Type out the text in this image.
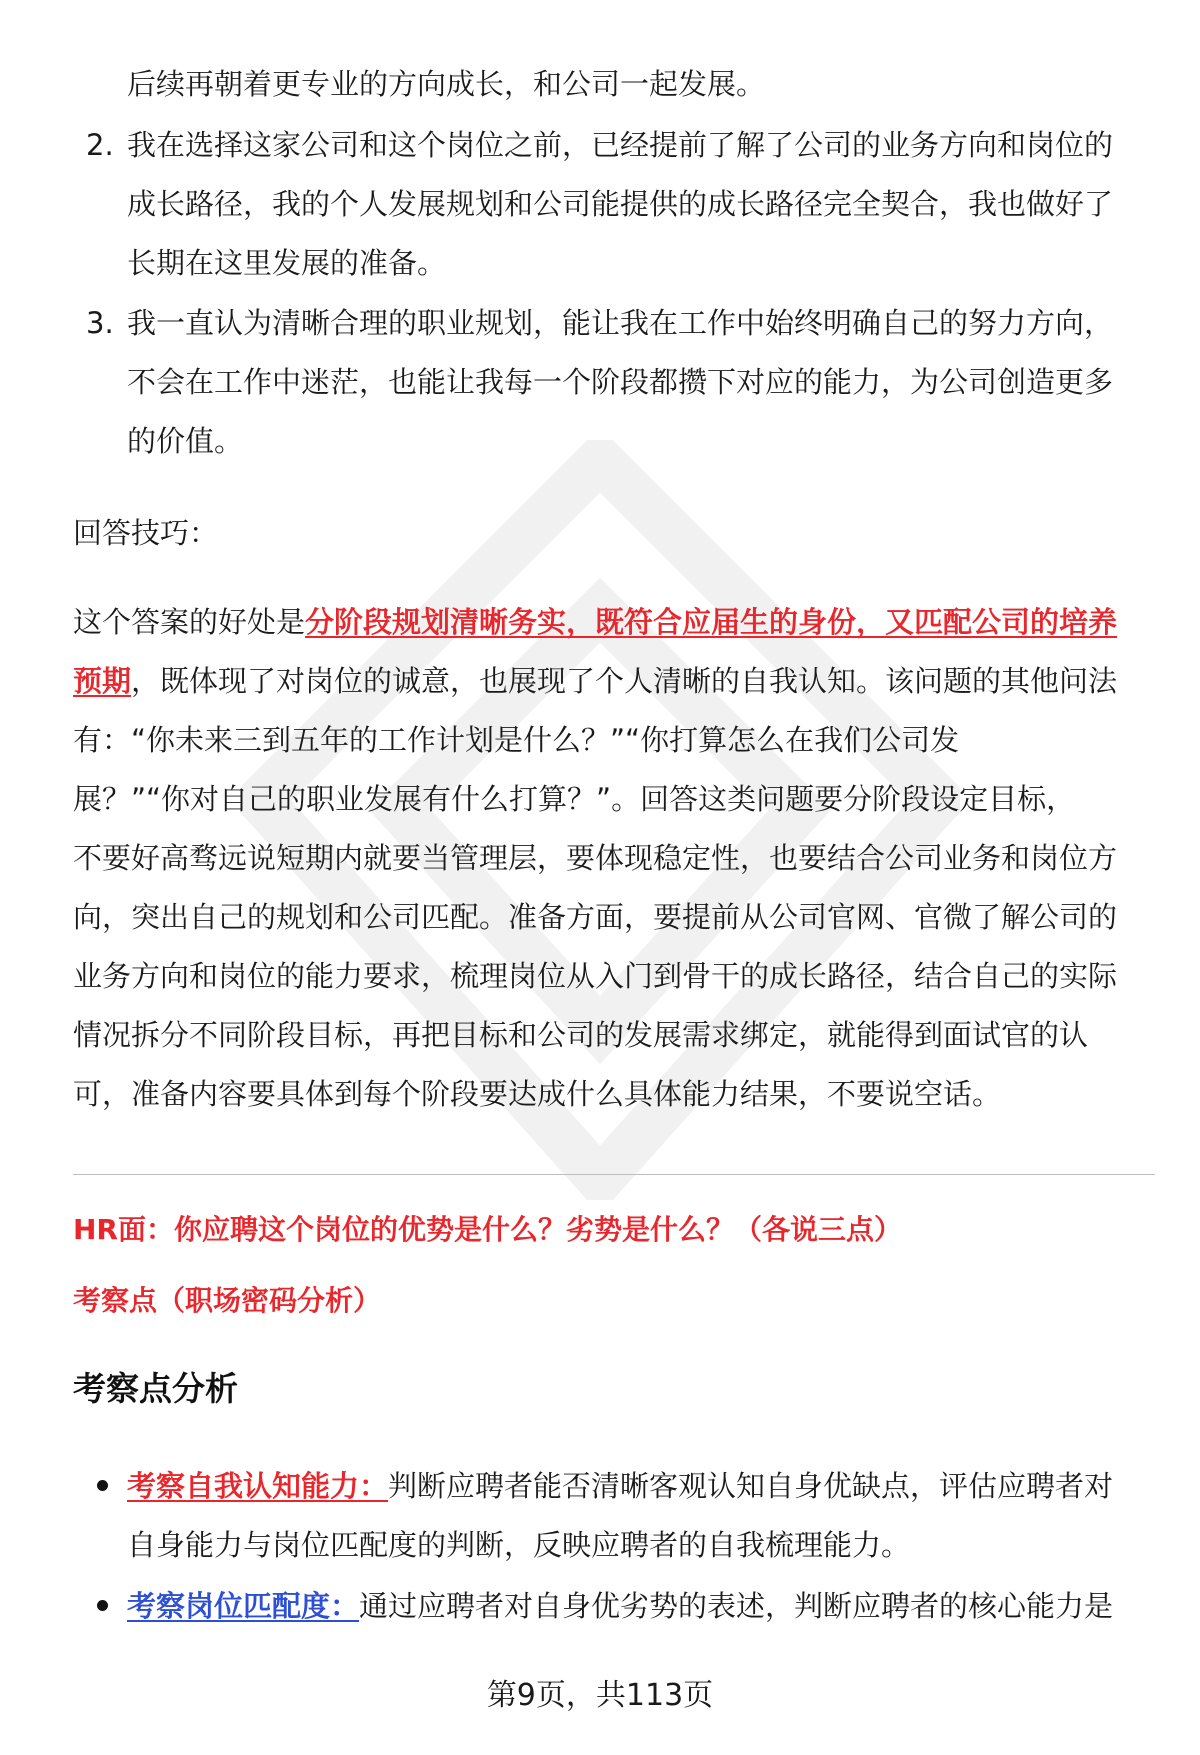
后续再朝着更专业的方向成长，和公司一起发展。
2. 我在选择这家公司和这个岗位之前，已经提前了解了公司的业务方向和岗位的
成长路径，我的个人发展规划和公司能提供的成长路径完全契合，我也做好了
长期在这里发展的准备。
3. 我一直认为清晰合理的职业规划，能让我在工作中始终明确自己的努力方向，
不会在工作中迷茫，也能让我每一个阶段都攒下对应的能力，为公司创造更多
的价值。
回答技巧：
这个答案的好处是分阶段规划清晰务实，既符合应届生的身份，又匹配公司的培养
预期，既体现了对岗位的诚意，也展现了个人清晰的自我认知。该问题的其他问法
有：“你未来三到五年的工作计划是什么？”“你打算怎么在我们公司发
展？”“你对自己的职业发展有什么打算？”。回答这类问题要分阶段设定目标，
不要好高骛远说短期内就要当管理层，要体现稳定性，也要结合公司业务和岗位方
向，突出自己的规划和公司匹配。准备方面，要提前从公司官网、官微了解公司的
业务方向和岗位的能力要求，梳理岗位从入门到骨干的成长路径，结合自己的实际
情况拆分不同阶段目标，再把目标和公司的发展需求绑定，就能得到面试官的认
可，准备内容要具体到每个阶段要达成什么具体能力结果，不要说空话。
HR面：你应聘这个岗位的优势是什么？劣势是什么？（各说三点）
考察点（职场密码分析）
考察点分析
考察自我认知能力：判断应聘者能否清晰客观认知自身优缺点，评估应聘者对
自身能力与岗位匹配度的判断，反映应聘者的自我梳理能力。
考察岗位匹配度：通过应聘者对自身优劣势的表述，判断应聘者的核心能力是
第9页，共113页
